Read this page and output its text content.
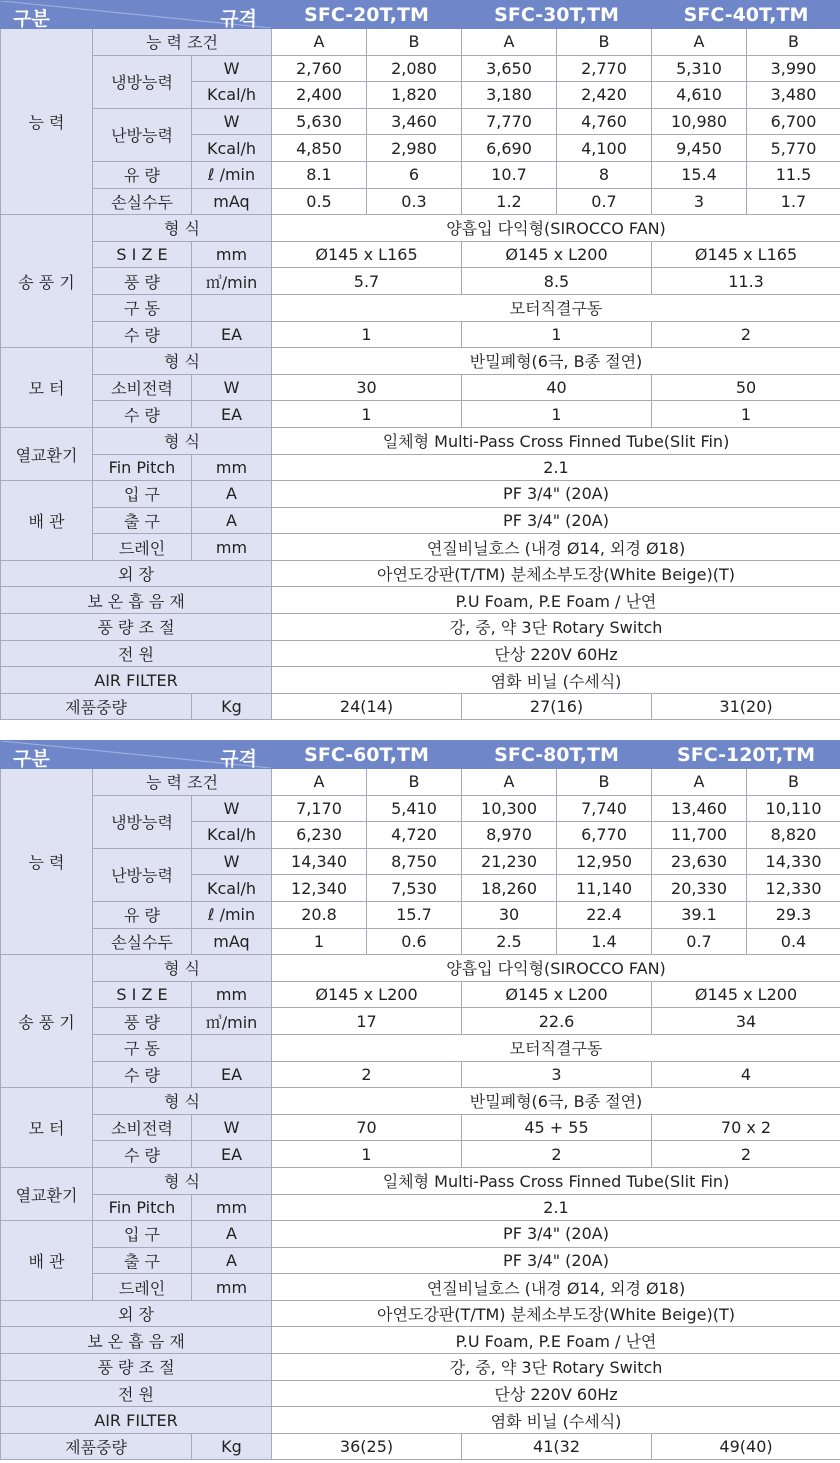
구분 규격			SFC-20T,TM		SFC-30T,TM		SFC-40T,TM	
능 력	능 력 조건		A	B	A	B	A	B
	냉방능력	W	2,760	2,080	3,650	2,770	5,310	3,990
		Kcal/h	2,400	1,820	3,180	2,420	4,610	3,480
	난방능력	W	5,630	3,460	7,770	4,760	10,980	6,700
		Kcal/h	4,850	2,980	6,690	4,100	9,450	5,770
	유 량	ℓ /min	8.1	6	10.7	8	15.4	11.5
	손실수두	mAq	0.5	0.3	1.2	0.7	3	1.7
송 풍 기	형 식		양흡입 다익형(SIROCCO FAN)					
	S I Z E	mm	Ø145 x L165		Ø145 x L200		Ø145 x L165	
	풍 량	㎥/min	5.7		8.5		11.3	
	구 동		모터직결구동					
	수 량	EA	1		1		2	
모 터	형 식		반밀폐형(6극, B종 절연)					
	소비전력	W	30		40		50	
	수 량	EA	1		1		1	
열교환기	형 식		일체형 Multi-Pass Cross Finned Tube(Slit Fin)					
	Fin Pitch	mm	2.1					
배 관	입 구	A	PF 3/4" (20A)					
	출 구	A	PF 3/4" (20A)					
	드레인	mm	연질비닐호스 (내경 Ø14, 외경 Ø18)					
외 장			아연도강판(T/TM) 분체소부도장(White Beige)(T)					
보 온 흡 음 재			P.U Foam, P.E Foam / 난연					
풍 량 조 절			강, 중, 약 3단 Rotary Switch					
전 원			단상 220V 60Hz					
AIR FILTER			염화 비닐 (수세식)					
제품중량		Kg	24(14)		27(16)		31(20)	
구분 규격			SFC-60T,TM		SFC-80T,TM		SFC-120T,TM	
능 력	능 력 조건		A	B	A	B	A	B
	냉방능력	W	7,170	5,410	10,300	7,740	13,460	10,110
		Kcal/h	6,230	4,720	8,970	6,770	11,700	8,820
	난방능력	W	14,340	8,750	21,230	12,950	23,630	14,330
		Kcal/h	12,340	7,530	18,260	11,140	20,330	12,330
	유 량	ℓ /min	20.8	15.7	30	22.4	39.1	29.3
	손실수두	mAq	1	0.6	2.5	1.4	0.7	0.4
송 풍 기	형 식		양흡입 다익형(SIROCCO FAN)					
	S I Z E	mm	Ø145 x L200		Ø145 x L200		Ø145 x L200	
	풍 량	㎥/min	17		22.6		34	
	구 동		모터직결구동					
	수 량	EA	2		3		4	
모 터	형 식		반밀폐형(6극, B종 절연)					
	소비전력	W	70		45 + 55		70 x 2	
	수 량	EA	1		2		2	
열교환기	형 식		일체형 Multi-Pass Cross Finned Tube(Slit Fin)					
	Fin Pitch	mm	2.1					
배 관	입 구	A	PF 3/4" (20A)					
	출 구	A	PF 3/4" (20A)					
	드레인	mm	연질비닐호스 (내경 Ø14, 외경 Ø18)					
외 장			아연도강판(T/TM) 분체소부도장(White Beige)(T)					
보 온 흡 음 재			P.U Foam, P.E Foam / 난연					
풍 량 조 절			강, 중, 약 3단 Rotary Switch					
전 원			단상 220V 60Hz					
AIR FILTER			염화 비닐 (수세식)					
제품중량		Kg	36(25)		41(32		49(40)	
